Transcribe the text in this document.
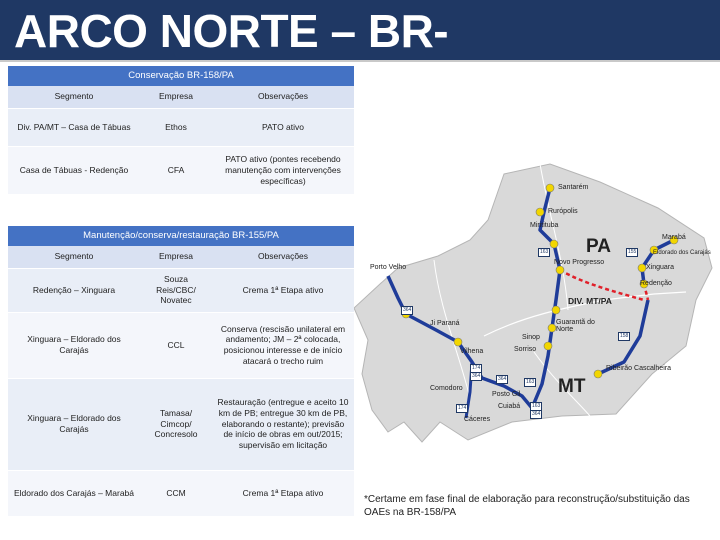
ARCO NORTE – BR-
Conservação BR-158/PA		
Segmento	Empresa	Observações
Div. PA/MT – Casa de Tábuas	Ethos	PATO ativo
Casa de Tábuas - Redenção	CFA	PATO ativo (pontes recebendo manutenção com intervenções específicas)
Manutenção/conserva/restauração BR-155/PA		
Segmento	Empresa	Observações
Redenção – Xinguara	Souza Reis/CBC/ Novatec	Crema 1ª Etapa ativo
Xinguara – Eldorado dos Carajás	CCL	Conserva (rescisão unilateral em andamento; JM – 2ª colocada, posicionou interesse e de início atacará o trecho ruim
Xinguara – Eldorado dos Carajás	Tamasa/ Cimcop/ Concresolo	Restauração (entregue e aceito 10 km de PB; entregue 30 km de PB, elaborando o restante); previsão de início de obras em out/2015; supervisão em licitação
Eldorado dos Carajás – Marabá	CCM	Crema 1ª Etapa ativo
Santarém
Rurópolis
Miritituba
Marabá
Eldorado dos Carajás
Novo Progresso
Xinguara
Porto Velho
Redenção
DIV. MT/PA
Guarantã do Norte
Ji Paraná
Sinop
Sorriso
Vilhena
Ribeirão Cascalheira
Comodoro
Posto Gil
Cuiabá
Cáceres
PA
MT
163	155
364
158
174
364	364	163
174	163
364
*Certame em fase final de elaboração para reconstrução/substituição das OAEs na BR-158/PA
